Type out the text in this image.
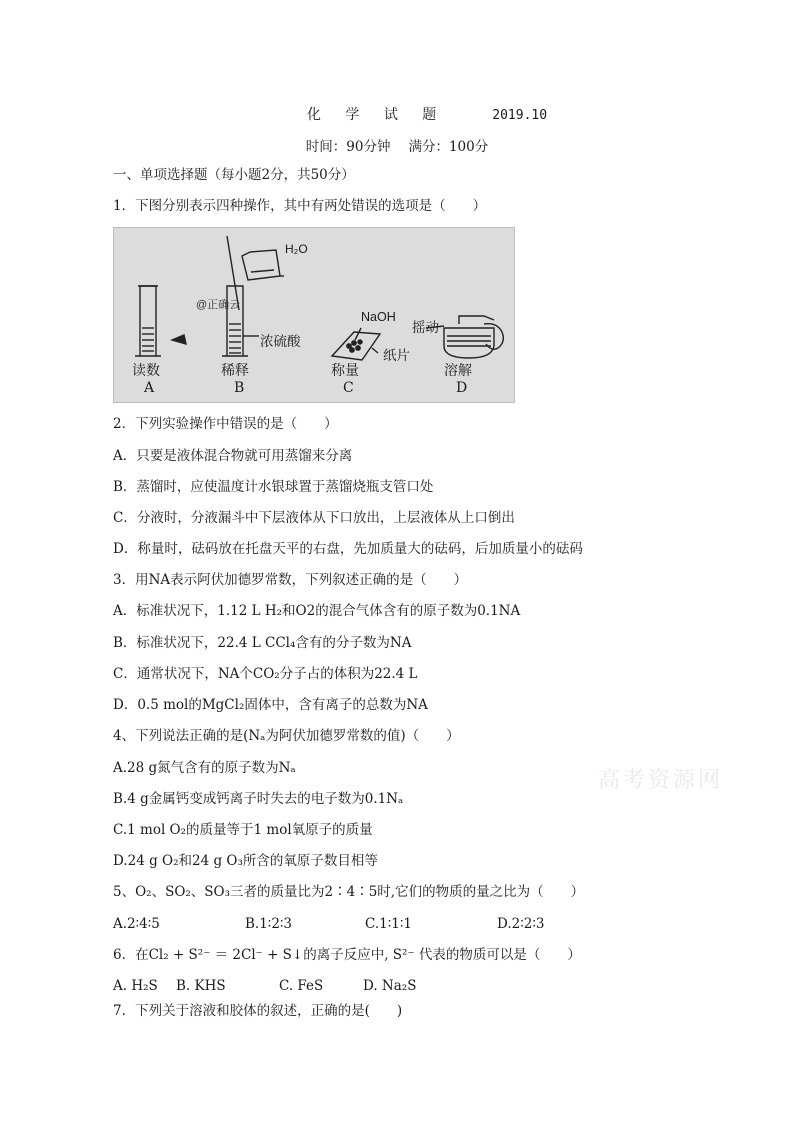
化 学 试 题	2019.10
时间：90分钟 满分：100分
一、单项选择题（每小题2分，共50分）
1．下图分别表示四种操作，其中有两处错误的选项是（　　）
H₂O
@正确云
浓硫酸
NaOH
纸片
摇动
读数
A
稀释
B
称量
C
溶解
D
2．下列实验操作中错误的是（　　）
A．只要是液体混合物就可用蒸馏来分离
B．蒸馏时，应使温度计水银球置于蒸馏烧瓶支管口处
C．分液时，分液漏斗中下层液体从下口放出，上层液体从上口倒出
D．称量时，砝码放在托盘天平的右盘，先加质量大的砝码，后加质量小的砝码
3．用NA表示阿伏加德罗常数，下列叙述正确的是（　　）
A．标准状况下，1.12 L H₂和O2的混合气体含有的原子数为0.1NA
B．标准状况下，22.4 L CCl₄含有的分子数为NA
C．通常状况下，NA个CO₂分子占的体积为22.4 L
D．0.5 mol的MgCl₂固体中，含有离子的总数为NA
4、下列说法正确的是(Nₐ为阿伏加德罗常数的值)（　　）
A.28 g氮气含有的原子数为Nₐ
B.4 g金属钙变成钙离子时失去的电子数为0.1Nₐ
C.1 mol O₂的质量等于1 mol氧原子的质量
D.24 g O₂和24 g O₃所含的氧原子数目相等
5、O₂、SO₂、SO₃三者的质量比为2∶4∶5时,它们的物质的量之比为（　　）
A.2∶4∶5	B.1∶2∶3	C.1∶1∶1	D.2∶2∶3
6．在Cl₂ + S²⁻ ＝ 2Cl⁻ + S↓的离子反应中, S²⁻ 代表的物质可以是（　　）
A. H₂S B. KHS	C. FeS	D. Na₂S
7．下列关于溶液和胶体的叙述，正确的是(　　)
高考资源网
